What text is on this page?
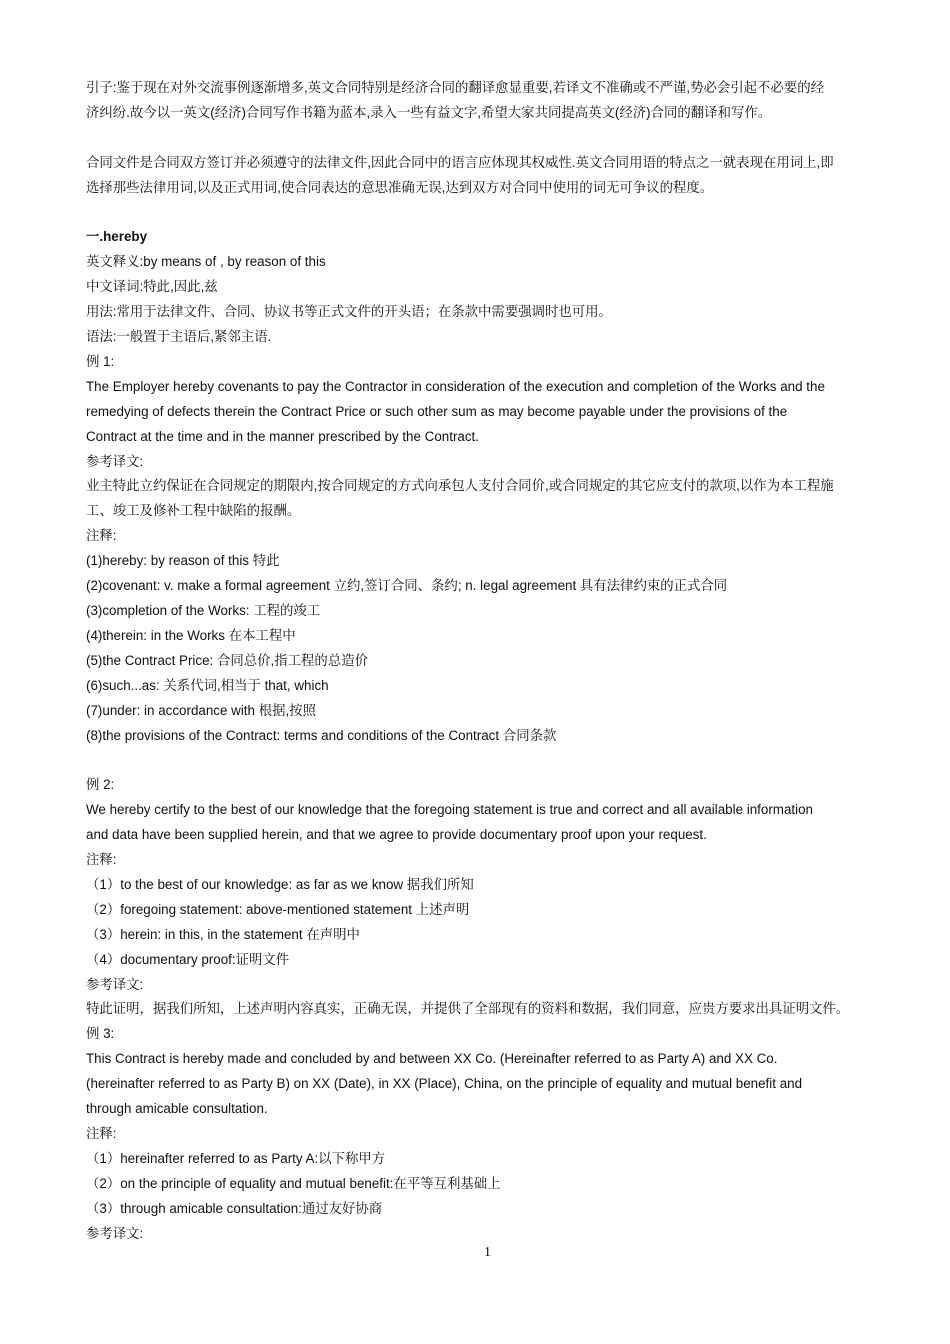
引子:鉴于现在对外交流事例逐渐增多,英文合同特别是经济合同的翻译愈显重要,若译文不准确或不严谨,势必会引起不必要的经
济纠纷.故今以一英文(经济)合同写作书籍为蓝本,录入一些有益文字,希望大家共同提高英文(经济)合同的翻译和写作。
合同文件是合同双方签订并必须遵守的法律文件,因此合同中的语言应体现其权威性.英文合同用语的特点之一就表现在用词上,即
选择那些法律用词,以及正式用词,使合同表达的意思准确无误,达到双方对合同中使用的词无可争议的程度。
一.hereby
英文释义:by means of , by reason of this
中文译词:特此,因此,兹
用法:常用于法律文件、合同、协议书等正式文件的开头语；在条款中需要强调时也可用。
语法:一般置于主语后,紧邻主语.
例 1:
The Employer hereby covenants to pay the Contractor in consideration of the execution and completion of the Works and the
remedying of defects therein the Contract Price or such other sum as may become payable under the provisions of the
Contract at the time and in the manner prescribed by the Contract.
参考译文:
业主特此立约保证在合同规定的期限内,按合同规定的方式向承包人支付合同价,或合同规定的其它应支付的款项,以作为本工程施
工、竣工及修补工程中缺陷的报酬。
注释:
(1)hereby: by reason of this 特此
(2)covenant: v. make a formal agreement 立约,签订合同、条约; n. legal agreement 具有法律约束的正式合同
(3)completion of the Works: 工程的竣工
(4)therein: in the Works 在本工程中
(5)the Contract Price: 合同总价,指工程的总造价
(6)such...as: 关系代词,相当于 that, which
(7)under: in accordance with 根据,按照
(8)the provisions of the Contract: terms and conditions of the Contract 合同条款
例 2:
We hereby certify to the best of our knowledge that the foregoing statement is true and correct and all available information
and data have been supplied herein, and that we agree to provide documentary proof upon your request.
注释:
（1）to the best of our knowledge: as far as we know 据我们所知
（2）foregoing statement: above-mentioned statement 上述声明
（3）herein: in this, in the statement 在声明中
（4）documentary proof:证明文件
参考译文:
特此证明，据我们所知，上述声明内容真实，正确无误，并提供了全部现有的资料和数据，我们同意，应贵方要求出具证明文件。
例 3:
This Contract is hereby made and concluded by and between XX Co. (Hereinafter referred to as Party A) and XX Co.
(hereinafter referred to as Party B) on XX (Date), in XX (Place), China, on the principle of equality and mutual benefit and
through amicable consultation.
注释:
（1）hereinafter referred to as Party A:以下称甲方
（2）on the principle of equality and mutual benefit:在平等互利基础上
（3）through amicable consultation:通过友好协商
参考译文:
1
